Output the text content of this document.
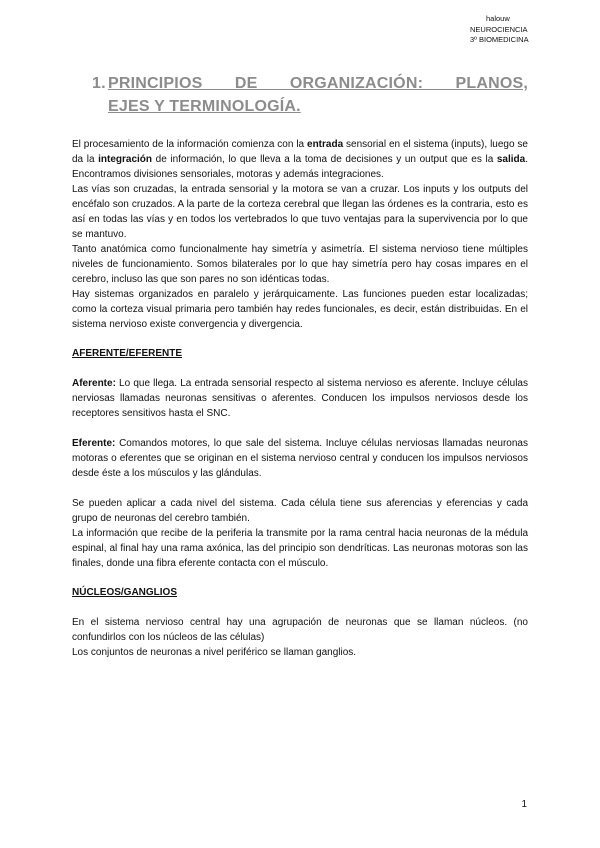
halouw
NEUROCIENCIA
3º BIOMEDICINA
1. PRINCIPIOS DE ORGANIZACIÓN: PLANOS,
EJES Y TERMINOLOGÍA.

El procesamiento de la información comienza con la entrada sensorial en el sistema (inputs), luego se da la integración de información, lo que lleva a la toma de decisiones y un output que es la salida. Encontramos divisiones sensoriales, motoras y además integraciones.

Las vías son cruzadas, la entrada sensorial y la motora se van a cruzar. Los inputs y los outputs del encéfalo son cruzados. A la parte de la corteza cerebral que llegan las órdenes es la contraria, esto es así en todas las vías y en todos los vertebrados lo que tuvo ventajas para la supervivencia por lo que se mantuvo.

Tanto anatómica como funcionalmente hay simetría y asimetría. El sistema nervioso tiene múltiples niveles de funcionamiento. Somos bilaterales por lo que hay simetría pero hay cosas impares en el cerebro, incluso las que son pares no son idénticas todas.

Hay sistemas organizados en paralelo y jerárquicamente. Las funciones pueden estar localizadas; como la corteza visual primaria pero también hay redes funcionales, es decir, están distribuidas. En el sistema nervioso existe convergencia y divergencia.

AFERENTE/EFERENTE

Aferente: Lo que llega. La entrada sensorial respecto al sistema nervioso es aferente. Incluye células nerviosas llamadas neuronas sensitivas o aferentes. Conducen los impulsos nerviosos desde los receptores sensitivos hasta el SNC.

Eferente: Comandos motores, lo que sale del sistema. Incluye células nerviosas llamadas neuronas motoras o eferentes que se originan en el sistema nervioso central y conducen los impulsos nerviosos desde éste a los músculos y las glándulas.

Se pueden aplicar a cada nivel del sistema. Cada célula tiene sus aferencias y eferencias y cada grupo de neuronas del cerebro también.

La información que recibe de la periferia la transmite por la rama central hacia neuronas de la médula espinal, al final hay una rama axónica, las del principio son dendríticas. Las neuronas motoras son las finales, donde una fibra eferente contacta con el músculo.

NÚCLEOS/GANGLIOS

En el sistema nervioso central hay una agrupación de neuronas que se llaman núcleos. (no confundirlos con los núcleos de las células)

Los conjuntos de neuronas a nivel periférico se llaman ganglios.

1
